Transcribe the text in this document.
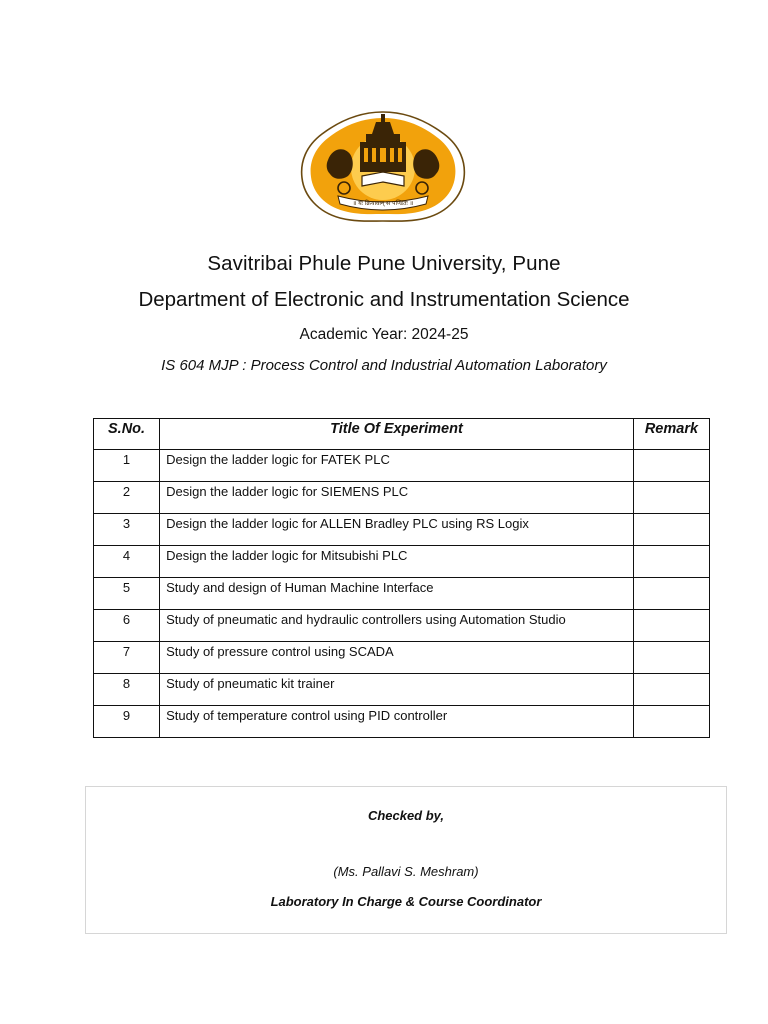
॥ यः क्रियावान् स पण्डितः ॥
Savitribai Phule Pune University, Pune
Department of Electronic and Instrumentation Science
Academic Year: 2024-25
IS 604 MJP : Process Control and Industrial Automation Laboratory
S.No.	Title Of Experiment	Remark
1	Design the ladder logic for FATEK PLC	
2	Design the ladder logic for SIEMENS PLC	
3	Design the ladder logic for ALLEN Bradley PLC using RS Logix	
4	Design the ladder logic for Mitsubishi PLC	
5	Study and design of Human Machine Interface	
6	Study of pneumatic and hydraulic controllers using Automation Studio	
7	Study of pressure control using SCADA	
8	Study of pneumatic kit trainer	
9	Study of temperature control using PID controller	
Checked by,
(Ms. Pallavi S. Meshram)
Laboratory In Charge & Course Coordinator
